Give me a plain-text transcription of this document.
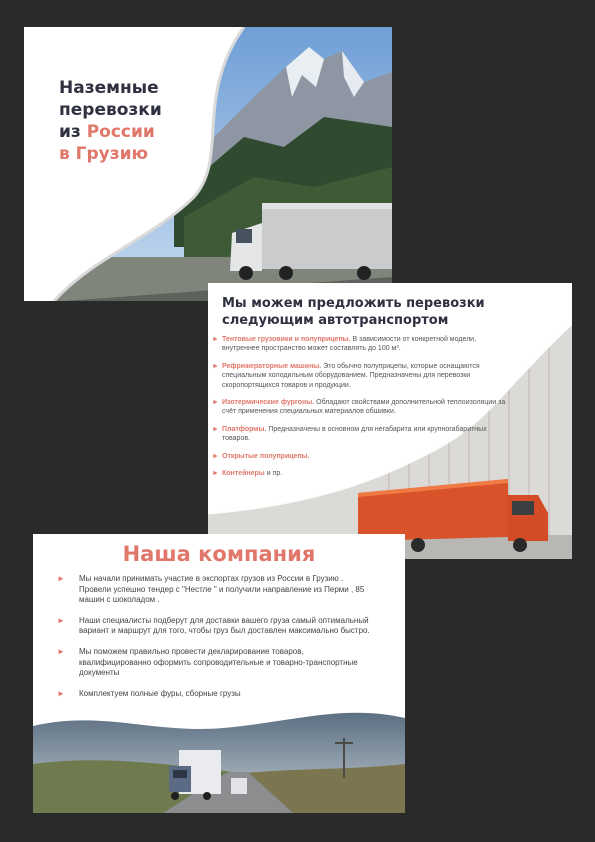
Наземные
перевозки
из России
в Грузию
Мы можем предложить перевозки следующим автотранспортом
► Тентовые грузовики и полуприцепы. В зависимости от конкретной модели, внутреннее пространство может составлять до 100 м³.
► Рефрижераторные машины. Это обычно полуприцепы, которые оснащаются специальным холодильным оборудованием. Предназначены для перевозки скоропортящихся товаров и продукции.
► Изотермические фургоны. Обладают свойствами дополнительной теплоизоляции за счёт применения специальных материалов обшивки.
► Платформы. Предназначены в основном для негабарита или крупногабаритных товаров.
► Открытые полуприцепы.
► Контейнеры и пр.
Наша компания
► Мы начали принимать участие в экспортах грузов из России в Грузию . Провели успешно тендер с "Нестле " и получили направление из Перми , 85 машин с шоколадом .
► Наши специалисты подберут для доставки вашего груза самый оптимальный вариант и маршрут для того, чтобы груз был доставлен максимально быстро.
► Мы поможем правильно провести декларирование товаров, квалифицированно оформить сопроводительные и товарно-транспортные документы
► Комплектуем полные фуры, сборные грузы
